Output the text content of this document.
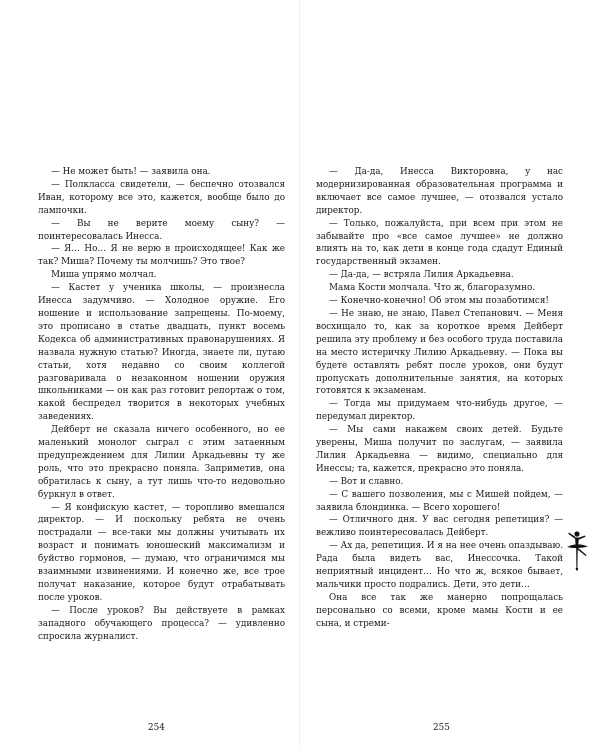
— Не может быть! — заявила она.

— Полкласса свидетели, — беспечно отозвался Иван, которому все это, кажется, вообще было до лампочки.

— Вы не верите моему сыну? — поинтересовалась Инесса.

— Я… Но… Я не верю в происходящее! Как же так? Миша? Почему ты молчишь? Это твое?

Миша упрямо молчал.

— Кастет у ученика школы, — произнесла Инесса задумчиво. — Холодное оружие. Его ношение и использование запрещены. По-моему, это прописано в статье двадцать, пункт восемь Кодекса об административных правонарушениях. Я назвала нужную статью? Иногда, знаете ли, путаю статьи, хотя недавно со своим коллегой разговаривала о незаконном ношении оружия школьниками — он как раз готовит репортаж о том, какой беспредел творится в некоторых учебных заведениях.

Дейберт не сказала ничего особенного, но ее маленький монолог сыграл с этим затаенным предупреждением для Лилии Аркадьевны ту же роль, что это прекрасно поняла. Заприметив, она обратилась к сыну, а тут лишь что-то недовольно буркнул в ответ.

— Я конфискую кастет, — торопливо вмешался директор. — И поскольку ребята не очень пострадали — все-таки мы должны учитывать их возраст и понимать юношеский максимализм и буйство гормонов, — думаю, что ограничимся мы взаимными извинениями. И конечно же, все трое получат наказание, которое будут отрабатывать после уроков.

— После уроков? Вы действуете в рамках западного обучающего процесса? — удивленно спросила журналист.

254

— Да-да, Инесса Викторовна, у нас модернизированная образовательная программа и включает все самое лучшее, — отозвался устало директор.

— Только, пожалуйста, при всем при этом не забывайте про «все самое лучшее» не должно влиять на то, как дети в конце года сдадут Единый государственный экзамен.

— Да-да, — встряла Лилия Аркадьевна.

Мама Кости молчала. Что ж, благоразумно.

— Конечно-конечно! Об этом мы позаботимся!

— Не знаю, не знаю, Павел Степанович. — Меня восхищало то, как за короткое время Дейберт решила эту проблему и без особого труда поставила на место истеричку Лилию Аркадьевну. — Пока вы будете оставлять ребят после уроков, они будут пропускать дополнительные занятия, на которых готовятся к экзаменам.

— Тогда мы придумаем что-нибудь другое, — передумал директор.

— Мы сами накажем своих детей. Будьте уверены, Миша получит по заслугам, — заявила Лилия Аркадьевна — видимо, специально для Инессы; та, кажется, прекрасно это поняла.

— Вот и славно.

— С вашего позволения, мы с Мишей пойдем, — заявила блондинка. — Всего хорошего!

— Отличного дня. У вас сегодня репетиция? — вежливо поинтересовалась Дейберт.

— Ах да, репетиция. И я на нее очень опаздываю. Рада была видеть вас, Инессочка. Такой неприятный инцидент… Но что ж, всякое бывает, мальчики просто подрались. Дети, это дети…

Она все так же манерно попрощалась персонально со всеми, кроме мамы Кости и ее сына, и стреми-

255
